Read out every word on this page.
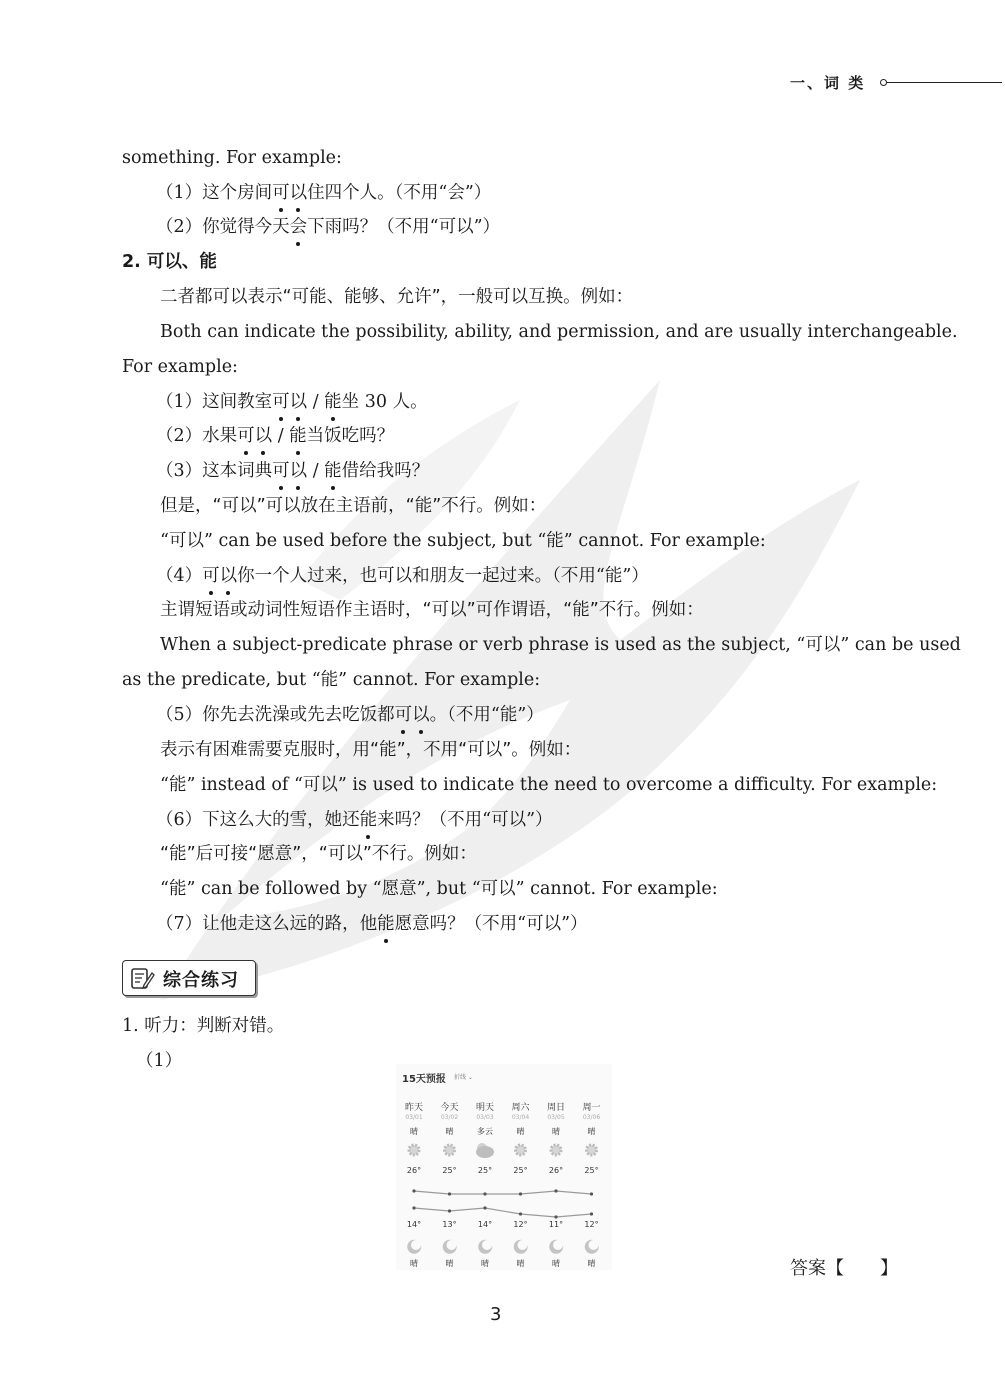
一、词 类
something. For example:
（1）这个房间可以住四个人。（不用“会”）
（2）你觉得今天会下雨吗？（不用“可以”）
2. 可以、能
二者都可以表示“可能、能够、允许”，一般可以互换。例如：
Both can indicate the possibility, ability, and permission, and are usually interchangeable.
For example:
（1）这间教室可以 / 能坐 30 人。
（2）水果可以 / 能当饭吃吗？
（3）这本词典可以 / 能借给我吗？
但是，“可以”可以放在主语前，“能”不行。例如：
“可以” can be used before the subject, but “能” cannot. For example:
（4）可以你一个人过来，也可以和朋友一起过来。（不用“能”）
主谓短语或动词性短语作主语时，“可以”可作谓语，“能”不行。例如：
When a subject-predicate phrase or verb phrase is used as the subject, “可以” can be used
as the predicate, but “能” cannot. For example:
（5）你先去洗澡或先去吃饭都可以。（不用“能”）
表示有困难需要克服时，用“能”，不用“可以”。例如：
“能” instead of “可以” is used to indicate the need to overcome a difficulty. For example:
（6）下这么大的雪，她还能来吗？（不用“可以”）
“能”后可接“愿意”，“可以”不行。例如：
“能” can be followed by “愿意”, but “可以” cannot. For example:
（7）让他走这么远的路，他能愿意吗？（不用“可以”）
综合练习
1. 听力：判断对错。
（1）
15天预报 折线 ⌄
昨天
03/01
晴
26°
14°
晴
今天
03/02
晴
25°
13°
晴
明天
03/03
多云
25°
14°
晴
周六
03/04
晴
25°
12°
晴
周日
03/05
晴
26°
11°
晴
周一
03/06
晴
25°
12°
晴	答案【　　】
3
